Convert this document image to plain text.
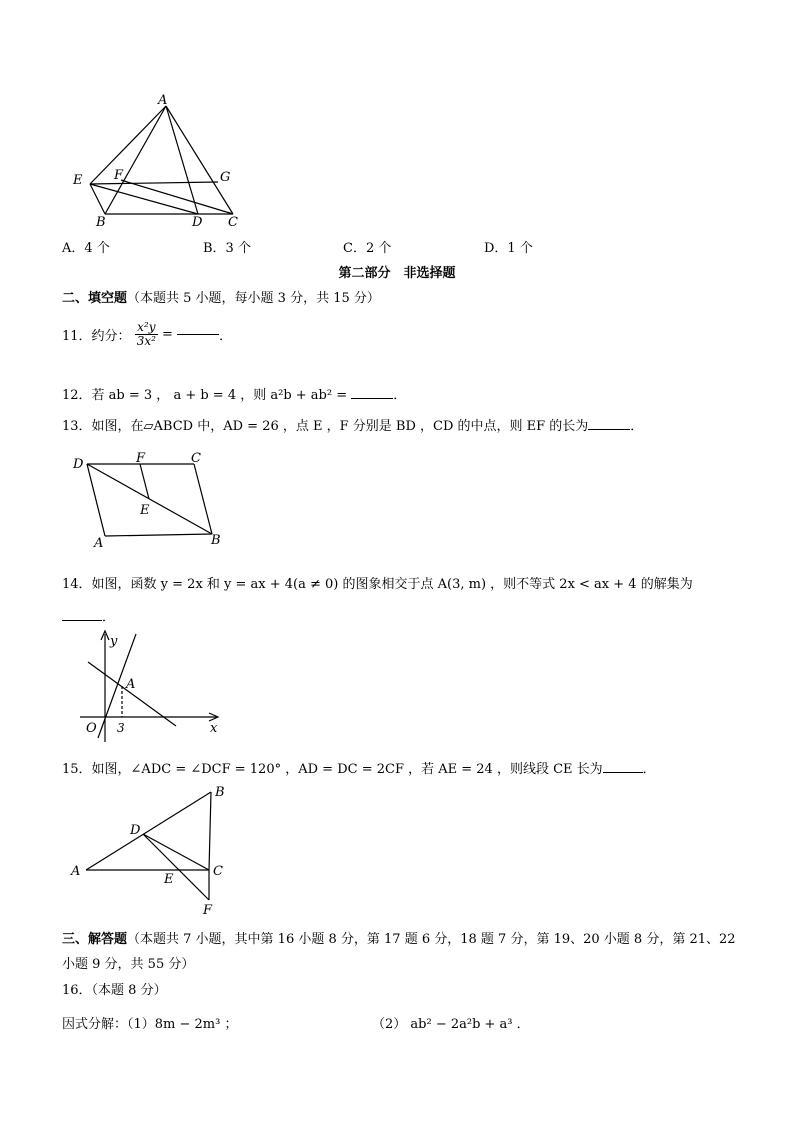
A
E F	G
B	D C
A．4 个	B．3 个	C．2 个	D．1 个
第二部分　非选择题
二、填空题（本题共 5 小题，每小题 3 分，共 15 分）
11．约分： $\frac{\text{x²y}}{\text{3x²}}$ =	．
12．若 ab = 3 ， a + b = 4 ，则 a²b + ab² =	．
13．如图，在▱ABCD 中，AD = 26 ，点 E ，F 分别是 BD ，CD 的中点，则 EF 的长为	．
D	F	C
E
A	B
14．如图，函数 y = 2x 和 y = ax + 4(a ≠ 0) 的图象相交于点 A(3, m) ，则不等式 2x < ax + 4 的解集为
．
y
x
O
A
3
15．如图，∠ADC = ∠DCF = 120° ，AD = DC = 2CF ，若 AE = 24 ，则线段 CE 长为	．
B
D
A
E
C
F
三、解答题（本题共 7 小题，其中第 16 小题 8 分，第 17 题 6 分，18 题 7 分，第 19、20 小题 8 分，第 21、22
小题 9 分，共 55 分）
16．（本题 8 分）
因式分解：（1）8m − 2m³ ；	（2） ab² − 2a²b + a³ ．
